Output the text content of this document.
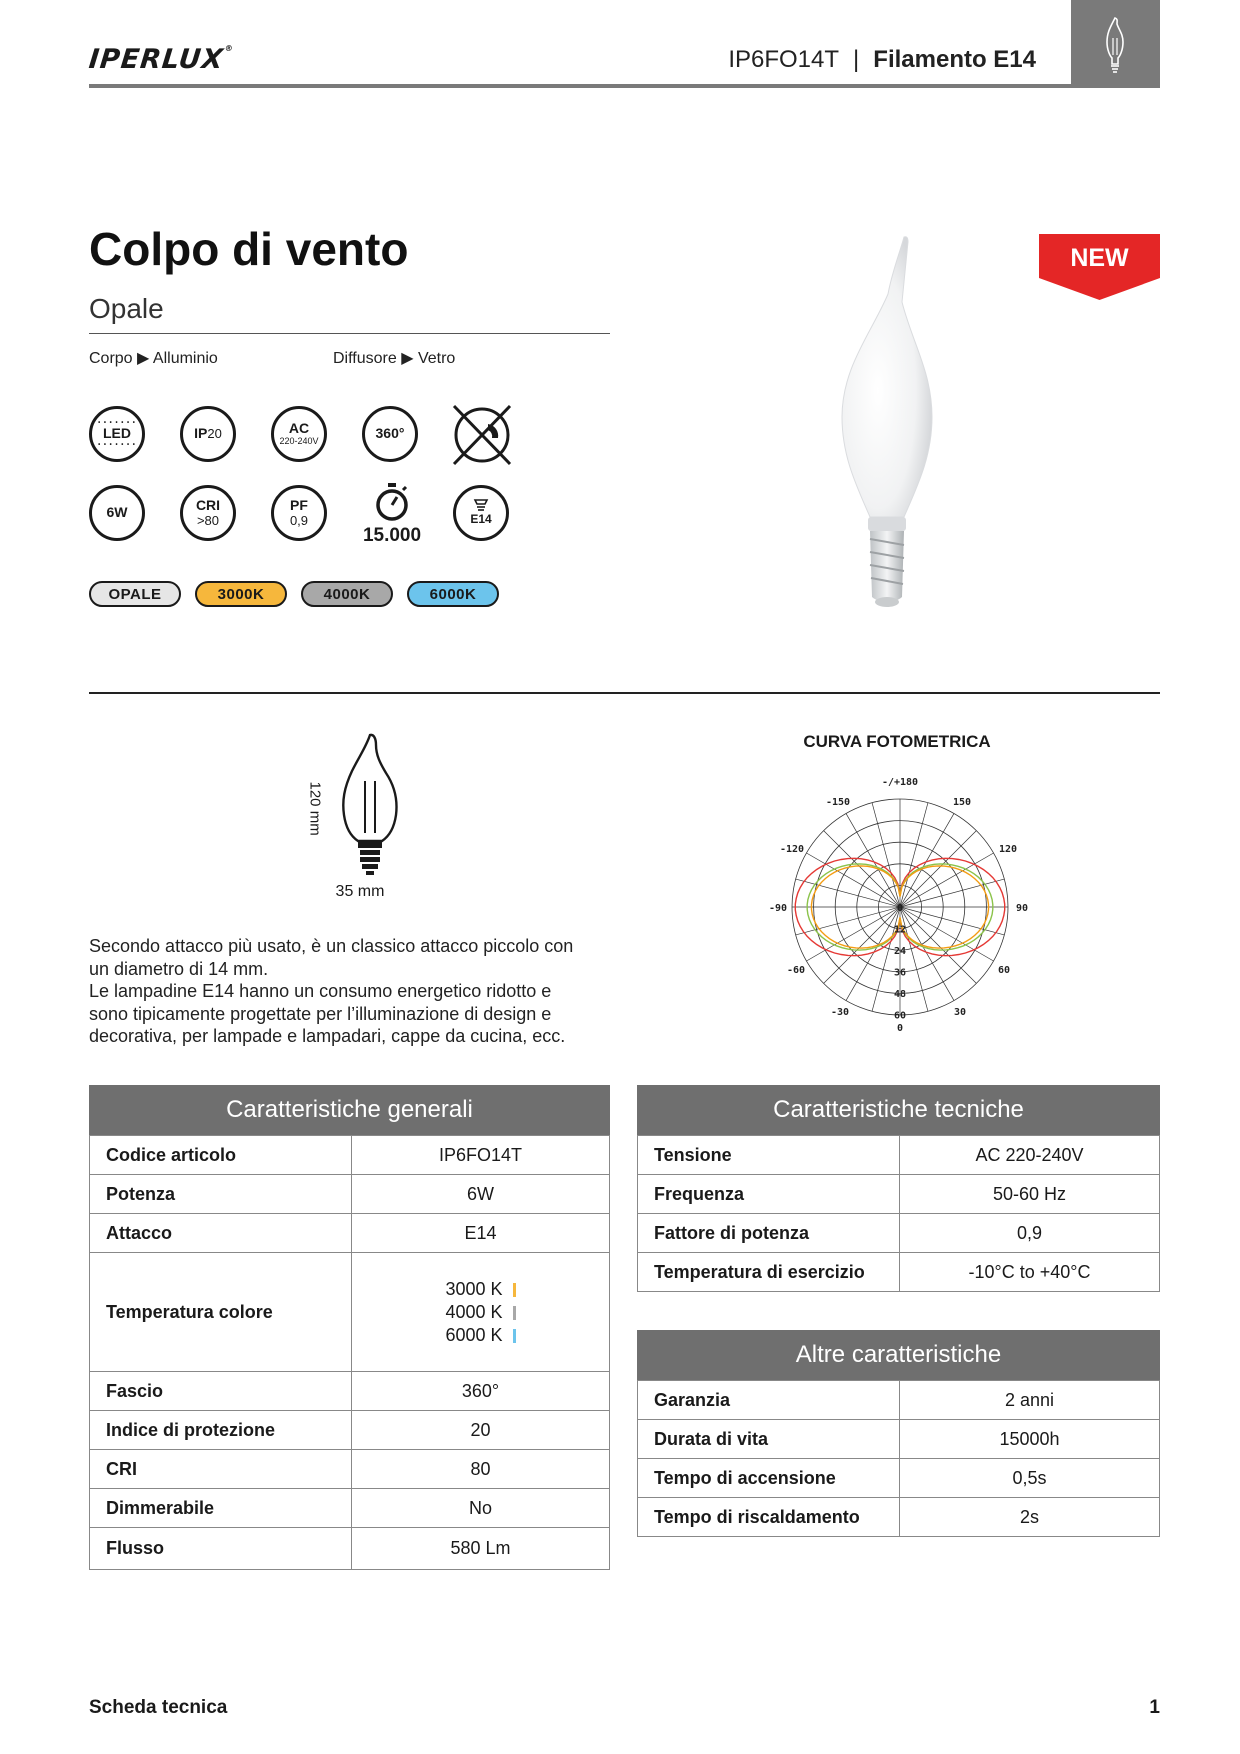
IPERLUX®	IP6FO14T | Filamento E14
Colpo di vento
Opale
Corpo ▶ Alluminio	Diffusore ▶ Vetro
• • • • • • •
LED
• • • • • • •
IP20	AC
220-240V	360°
6W	CRI
>80
PF
0,9
15.000
E14
OPALE	3000K	4000K	6000K
NEW
120 mm
35 mm
Secondo attacco più usato, è un classico attacco piccolo con
un diametro di 14 mm.
Le lampadine E14 hanno un consumo energetico ridotto e
sono tipicamente progettate per l’illuminazione di design e
decorativa, per lampade e lampadari, cappe da cucina, ecc.
CURVA FOTOMETRICA
-/+180
150
-150
120
-120
90
-90
60
-60
30
-30
0
0
12
24
36
48
60
Caratteristiche generali
Codice articolo	IP6FO14T
Potenza	6W
Attacco	E14
Temperatura colore	3000 K
4000 K
6000 K

Fascio	360°
Indice di protezione	20
CRI	80
Dimmerabile	No
Flusso	580 Lm
Caratteristiche tecniche
Tensione	AC 220-240V
Frequenza	50-60 Hz
Fattore di potenza	0,9
Temperatura di esercizio	-10°C to +40°C
Altre caratteristiche
Garanzia	2 anni
Durata di vita	15000h
Tempo di accensione	0,5s
Tempo di riscaldamento	2s
Scheda tecnica	1
